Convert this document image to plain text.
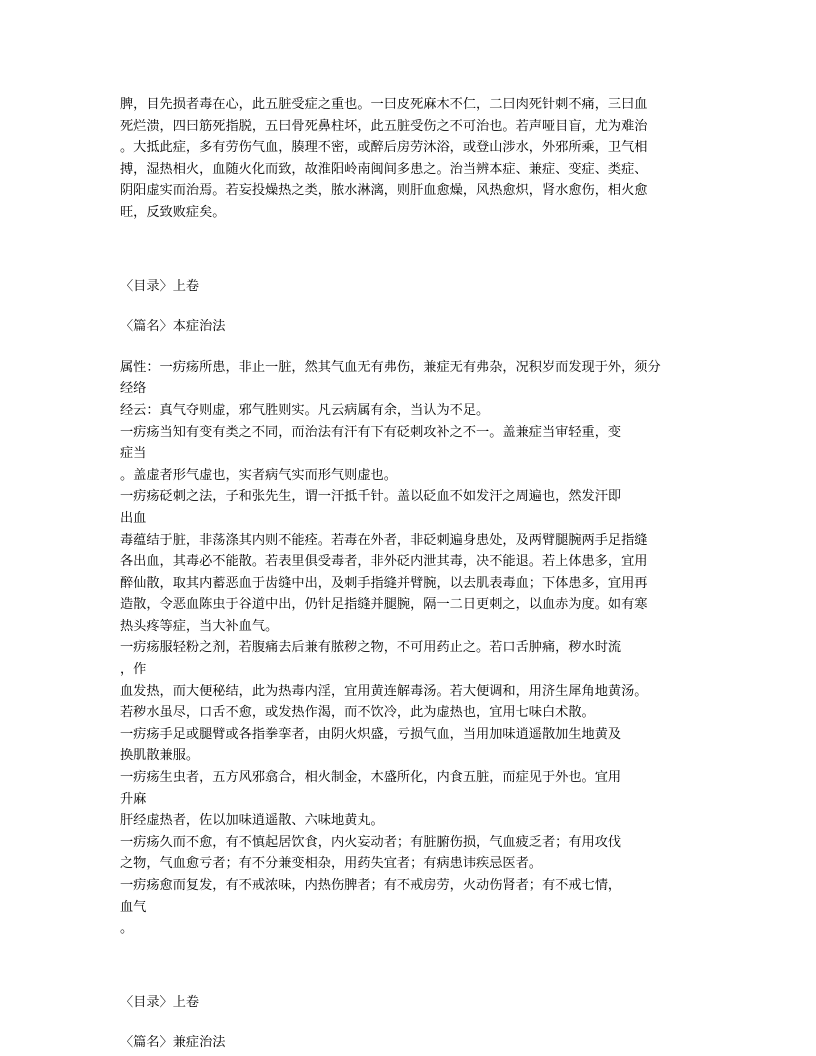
脾，目先损者毒在心，此五脏受症之重也。一曰皮死麻木不仁，二曰肉死针刺不痛，三曰血
死烂溃，四曰筋死指脱，五曰骨死鼻柱坏，此五脏受伤之不可治也。若声哑目盲，尤为难治
。大抵此症，多有劳伤气血，腠理不密，或醉后房劳沐浴，或登山涉水，外邪所乘，卫气相
搏，湿热相火，血随火化而致，故淮阳岭南闽间多患之。治当辨本症、兼症、变症、类症、
阴阳虚实而治焉。若妄投燥热之类，脓水淋漓，则肝血愈燥，风热愈炽，肾水愈伤，相火愈
旺，反致败症矣。
〈目录〉上卷
〈篇名〉本症治法
属性：一疠疡所患，非止一脏，然其气血无有弗伤，兼症无有弗杂，况积岁而发现于外，须分
经络
经云：真气夺则虚，邪气胜则实。凡云病属有余，当认为不足。
一疠疡当知有变有类之不同，而治法有汗有下有砭刺攻补之不一。盖兼症当审轻重，变
症当
。盖虚者形气虚也，实者病气实而形气则虚也。
一疠疡砭刺之法，子和张先生，谓一汗抵千针。盖以砭血不如发汗之周遍也，然发汗即
出血
毒蕴结于脏，非荡涤其内则不能痊。若毒在外者，非砭刺遍身患处，及两臂腿腕两手足指缝
各出血，其毒必不能散。若表里俱受毒者，非外砭内泄其毒，决不能退。若上体患多，宜用
醉仙散，取其内蓄恶血于齿缝中出，及刺手指缝并臂腕，以去肌表毒血；下体患多，宜用再
造散，令恶血陈虫于谷道中出，仍针足指缝并腿腕，隔一二日更刺之，以血赤为度。如有寒
热头疼等症，当大补血气。
一疠疡服轻粉之剂，若腹痛去后兼有脓秽之物，不可用药止之。若口舌肿痛，秽水时流
，作
血发热，而大便秘结，此为热毒内淫，宜用黄连解毒汤。若大便调和，用济生犀角地黄汤。
若秽水虽尽，口舌不愈，或发热作渴，而不饮冷，此为虚热也，宜用七味白术散。
一疠疡手足或腿臂或各指拳挛者，由阴火炽盛，亏损气血，当用加味逍遥散加生地黄及
换肌散兼服。
一疠疡生虫者，五方风邪翕合，相火制金，木盛所化，内食五脏，而症见于外也。宜用
升麻
肝经虚热者，佐以加味逍遥散、六味地黄丸。
一疠疡久而不愈，有不慎起居饮食，内火妄动者；有脏腑伤损，气血疲乏者；有用攻伐
之物，气血愈亏者；有不分兼变相杂，用药失宜者；有病患讳疾忌医者。
一疠疡愈而复发，有不戒浓味，内热伤脾者；有不戒房劳，火动伤肾者；有不戒七情，
血气
。
〈目录〉上卷
〈篇名〉兼症治法
